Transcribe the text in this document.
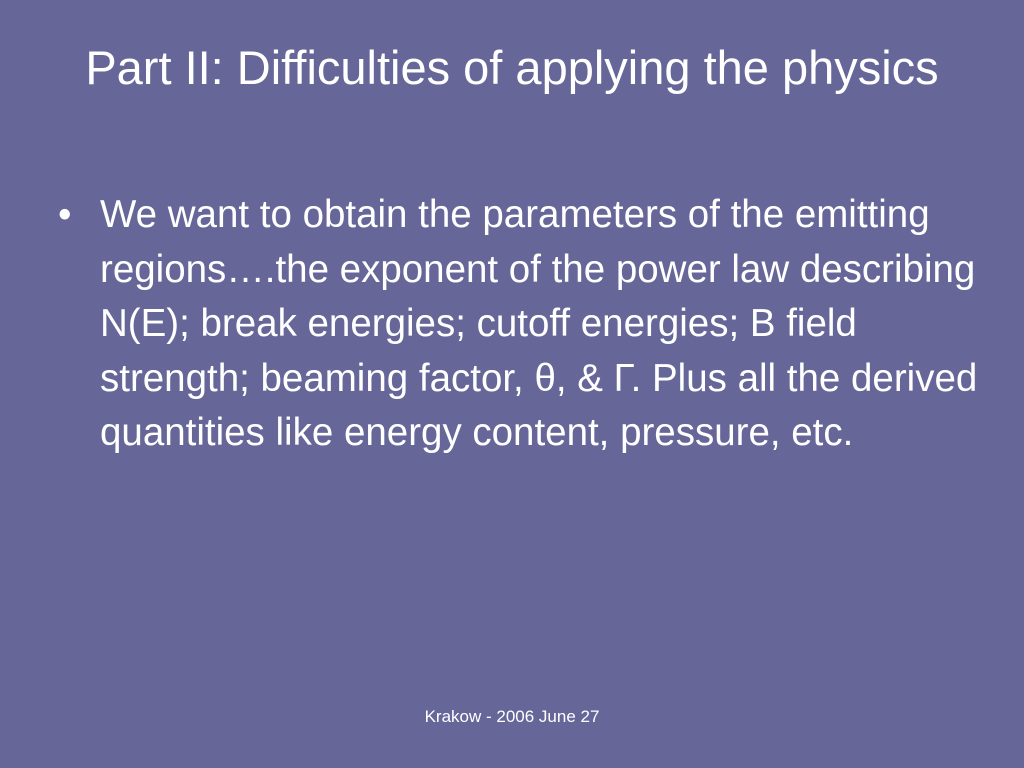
Part II: Difficulties of applying the physics
• We want to obtain the parameters of the emitting regions….the exponent of the power law describing N(E); break energies; cutoff energies; B field strength; beaming factor, θ, & Γ. Plus all the derived quantities like energy content, pressure, etc.
Krakow - 2006 June 27
